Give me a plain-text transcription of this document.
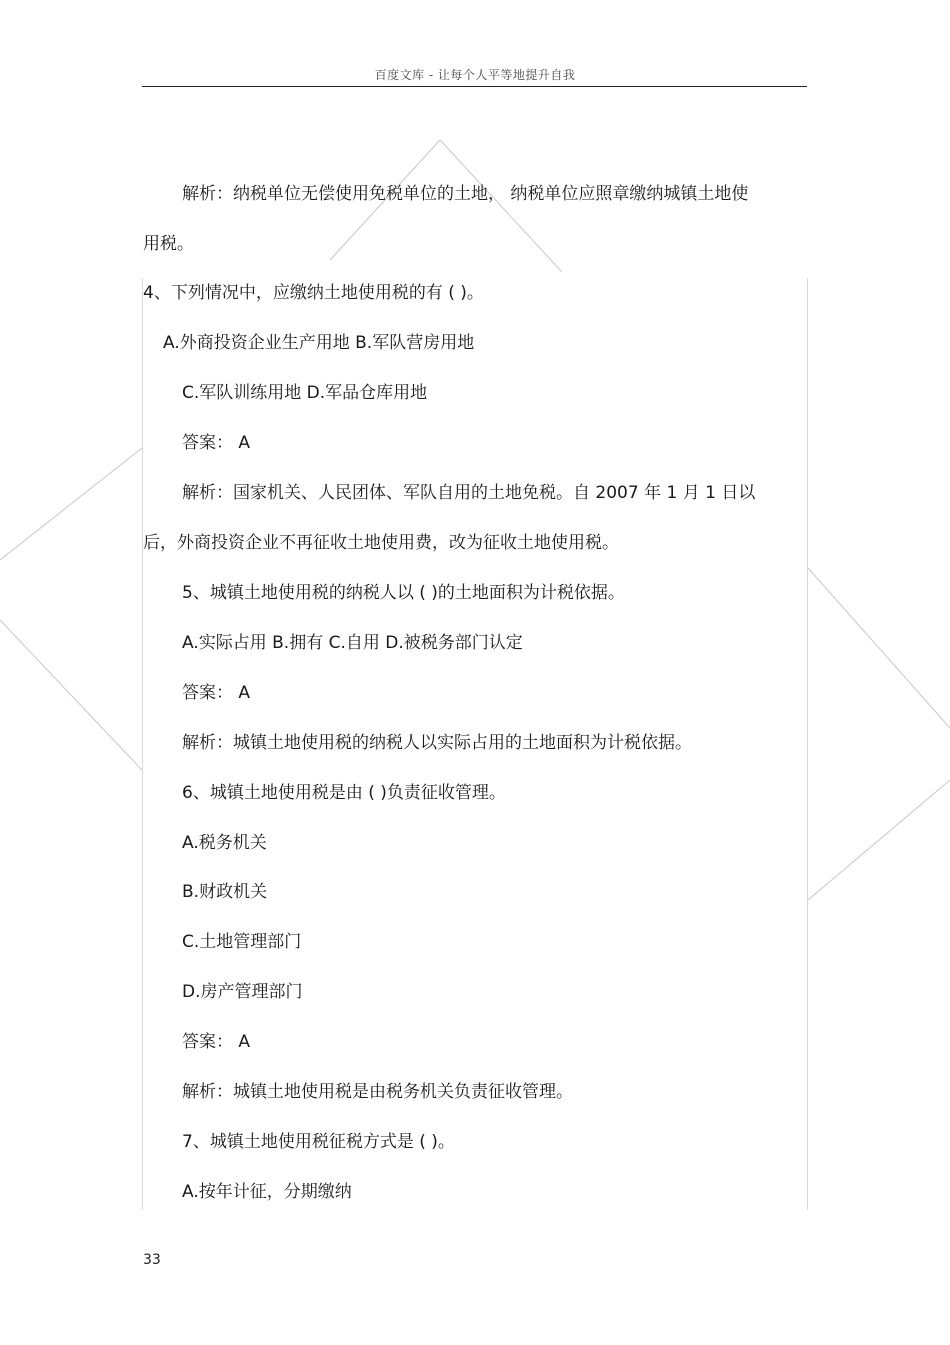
百度文库 - 让每个人平等地提升自我
解析：纳税单位无偿使用免税单位的土地， 纳税单位应照章缴纳城镇土地使
用税。
4、下列情况中，应缴纳土地使用税的有 ( )。
A.外商投资企业生产用地 B.军队营房用地
C.军队训练用地 D.军品仓库用地
答案： A
解析：国家机关、人民团体、军队自用的土地免税。自 2007 年 1 月 1 日以
后，外商投资企业不再征收土地使用费，改为征收土地使用税。
5、城镇土地使用税的纳税人以 ( )的土地面积为计税依据。
A.实际占用 B.拥有 C.自用 D.被税务部门认定
答案： A
解析：城镇土地使用税的纳税人以实际占用的土地面积为计税依据。
6、城镇土地使用税是由 ( )负责征收管理。
A.税务机关
B.财政机关
C.土地管理部门
D.房产管理部门
答案： A
解析：城镇土地使用税是由税务机关负责征收管理。
7、城镇土地使用税征税方式是 ( )。
A.按年计征，分期缴纳
33
